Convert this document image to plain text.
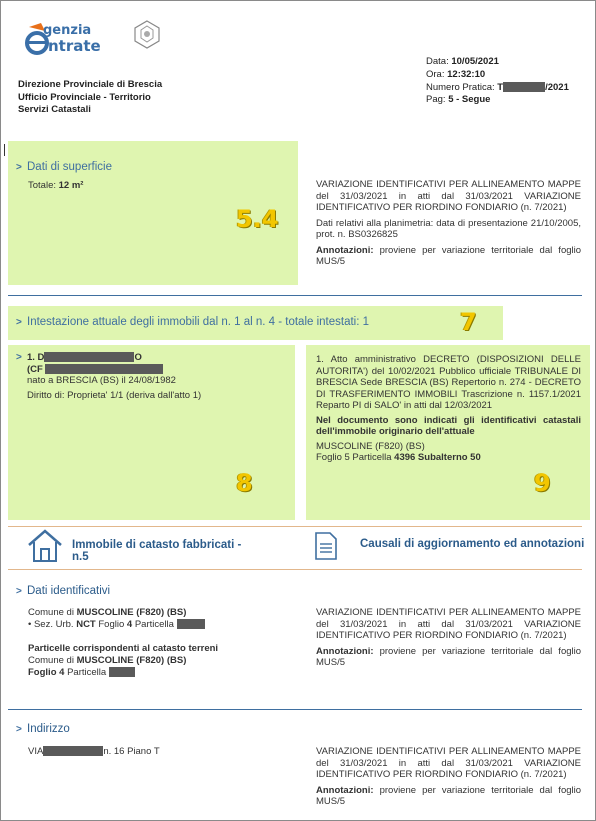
genzia
ntrate
Direzione Provinciale di Brescia
Ufficio Provinciale - Territorio
Servizi Catastali
Data: 10/05/2021
Ora: 12:32:10
Numero Pratica: T	/2021
Pag: 5 - Segue
> Dati di superficie
Totale: 12 m²
5.4
VARIAZIONE IDENTIFICATIVI PER ALLINEAMENTO MAPPE del 31/03/2021 in atti dal 31/03/2021 VARIAZIONE IDENTIFICATIVO PER RIORDINO FONDIARIO (n. 7/2021)
Dati relativi alla planimetria: data di presentazione 21/10/2005, prot. n. BS0326825
Annotazioni: proviene per variazione territoriale dal foglio MUS/5
> Intestazione attuale degli immobili dal n. 1 al n. 4 - totale intestati: 1	7
> 1. D	O
(CF
nato a BRESCIA (BS) il 24/08/1982
Diritto di: Proprieta' 1/1 (deriva dall'atto 1)
8
1. Atto amministrativo DECRETO (DISPOSIZIONI DELLE AUTORITA') del 10/02/2021 Pubblico ufficiale TRIBUNALE DI BRESCIA Sede BRESCIA (BS) Repertorio n. 274 - DECRETO DI TRASFERIMENTO IMMOBILI Trascrizione n. 1157.1/2021 Reparto PI di SALO' in atti dal 12/03/2021
Nel documento sono indicati gli identificativi catastali dell'immobile originario dell'attuale
MUSCOLINE (F820) (BS)
Foglio 5 Particella 4396 Subalterno 50
9
Immobile di catasto fabbricati -
n.5
Causali di aggiornamento ed annotazioni
> Dati identificativi
Comune di MUSCOLINE (F820) (BS)
• Sez. Urb. NCT Foglio 4 Particella
Particelle corrispondenti al catasto terreni
Comune di MUSCOLINE (F820) (BS)
Foglio 4 Particella
VARIAZIONE IDENTIFICATIVI PER ALLINEAMENTO MAPPE del 31/03/2021 in atti dal 31/03/2021 VARIAZIONE IDENTIFICATIVO PER RIORDINO FONDIARIO (n. 7/2021)
Annotazioni: proviene per variazione territoriale dal foglio MUS/5
> Indirizzo
VIA	n. 16 Piano T	VARIAZIONE IDENTIFICATIVI PER ALLINEAMENTO MAPPE del 31/03/2021 in atti dal 31/03/2021 VARIAZIONE IDENTIFICATIVO PER RIORDINO FONDIARIO (n. 7/2021)
Annotazioni: proviene per variazione territoriale dal foglio MUS/5
